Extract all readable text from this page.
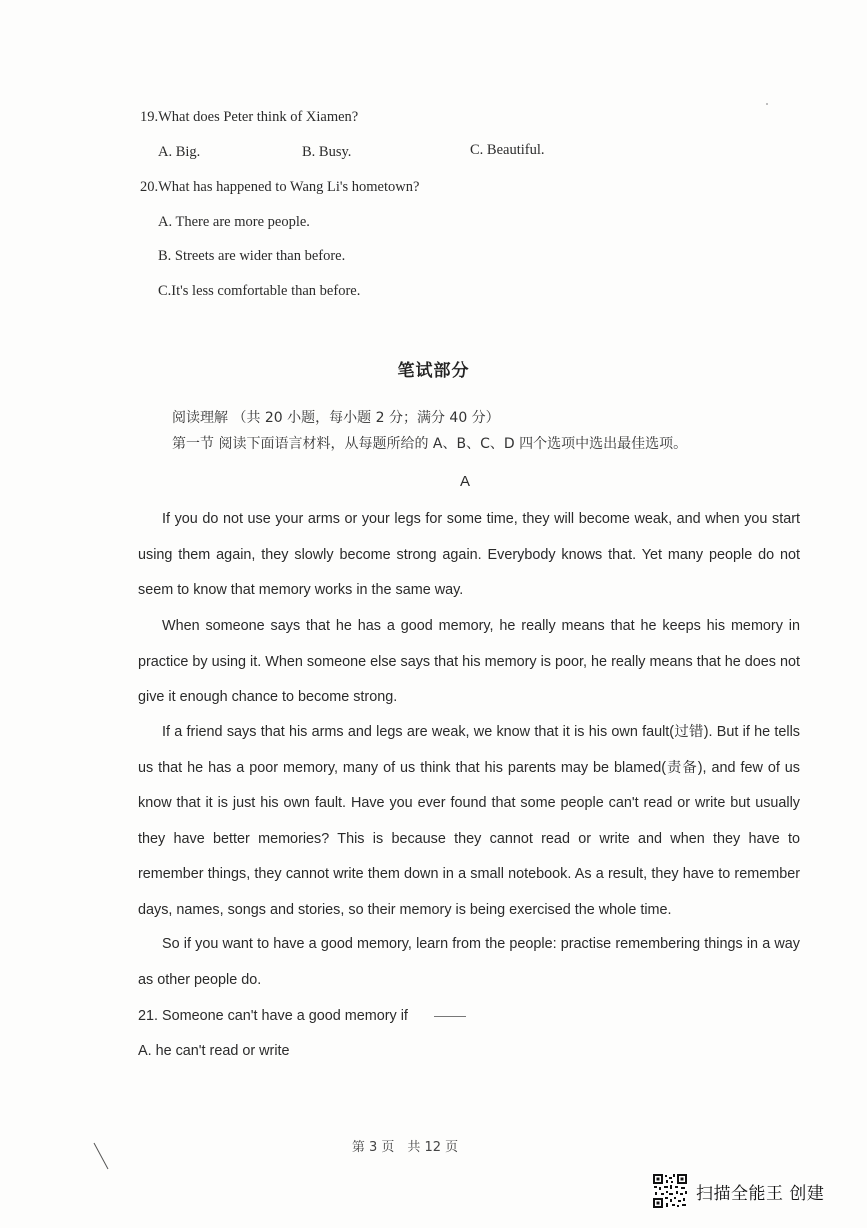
19.What does Peter think of Xiamen?
A. Big.	B. Busy.	C. Beautiful.
20.What has happened to Wang Li's hometown?
A. There are more people.
B. Streets are wider than before.
C.It's less comfortable than before.
笔试部分
阅读理解 （共 20 小题，每小题 2 分；满分 40 分）
第一节 阅读下面语言材料，从每题所给的 A、B、C、D 四个选项中选出最佳选项。
A
If you do not use your arms or your legs for some time, they will become weak, and when you start using them again, they slowly become strong again. Everybody knows that. Yet many people do not seem to know that memory works in the same way.
When someone says that he has a good memory, he really means that he keeps his memory in practice by using it. When someone else says that his memory is poor, he really means that he does not give it enough chance to become strong.
If a friend says that his arms and legs are weak, we know that it is his own fault(过错). But if he tells us that he has a poor memory, many of us think that his parents may be blamed(责备), and few of us know that it is just his own fault. Have you ever found that some people can't read or write but usually they have better memories? This is because they cannot read or write and when they have to remember things, they cannot write them down in a small notebook. As a result, they have to remember days, names, songs and stories, so their memory is being exercised the whole time.
So if you want to have a good memory, learn from the people: practise remembering things in a way as other people do.
21. Someone can't have a good memory if
A. he can't read or write
第 3 页　共 12 页
扫描全能王 创建
